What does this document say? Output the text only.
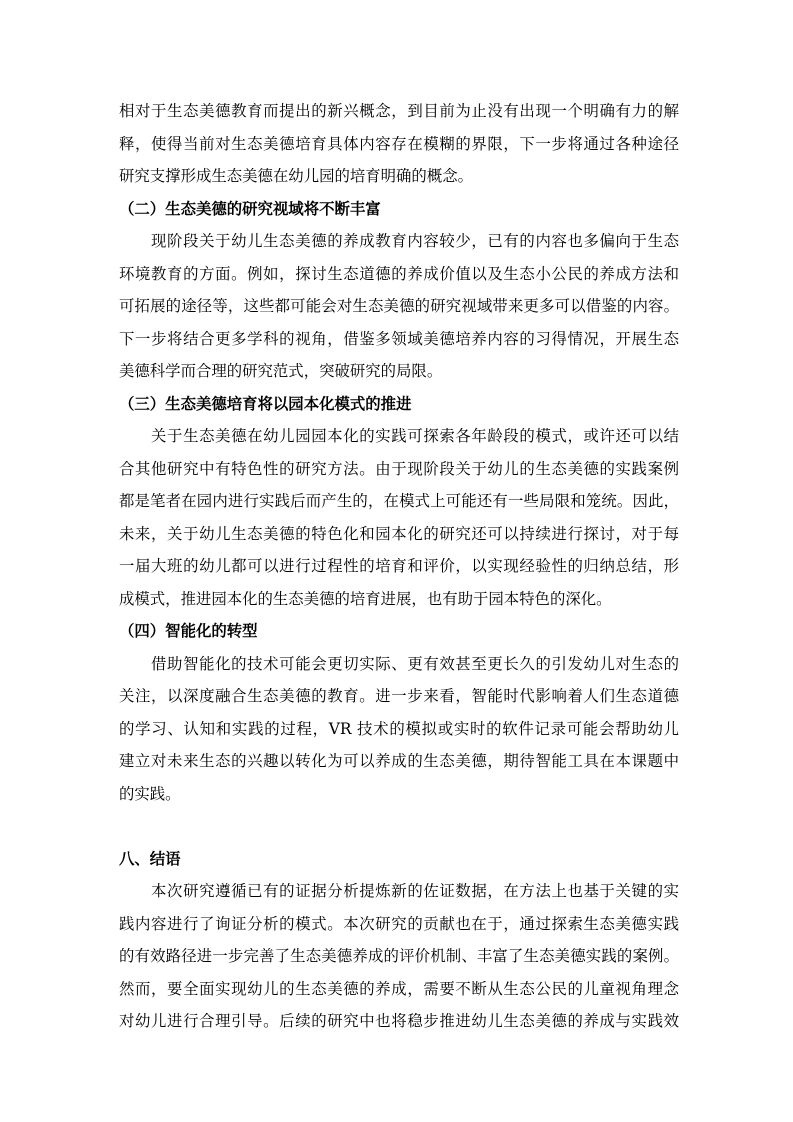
相对于生态美德教育而提出的新兴概念，到目前为止没有出现一个明确有力的解
释，使得当前对生态美德培育具体内容存在模糊的界限，下一步将通过各种途径
研究支撑形成生态美德在幼儿园的培育明确的概念。
（二）生态美德的研究视域将不断丰富
　　现阶段关于幼儿生态美德的养成教育内容较少，已有的内容也多偏向于生态
环境教育的方面。例如，探讨生态道德的养成价值以及生态小公民的养成方法和
可拓展的途径等，这些都可能会对生态美德的研究视域带来更多可以借鉴的内容。
下一步将结合更多学科的视角，借鉴多领域美德培养内容的习得情况，开展生态
美德科学而合理的研究范式，突破研究的局限。
（三）生态美德培育将以园本化模式的推进
　　关于生态美德在幼儿园园本化的实践可探索各年龄段的模式，或许还可以结
合其他研究中有特色性的研究方法。由于现阶段关于幼儿的生态美德的实践案例
都是笔者在园内进行实践后而产生的，在模式上可能还有一些局限和笼统。因此，
未来，关于幼儿生态美德的特色化和园本化的研究还可以持续进行探讨，对于每
一届大班的幼儿都可以进行过程性的培育和评价，以实现经验性的归纳总结，形
成模式，推进园本化的生态美德的培育进展，也有助于园本特色的深化。
（四）智能化的转型
　　借助智能化的技术可能会更切实际、更有效甚至更长久的引发幼儿对生态的
关注，以深度融合生态美德的教育。进一步来看，智能时代影响着人们生态道德
的学习、认知和实践的过程，VR 技术的模拟或实时的软件记录可能会帮助幼儿
建立对未来生态的兴趣以转化为可以养成的生态美德，期待智能工具在本课题中
的实践。
八、结语
　　本次研究遵循已有的证据分析提炼新的佐证数据，在方法上也基于关键的实
践内容进行了询证分析的模式。本次研究的贡献也在于，通过探索生态美德实践
的有效路径进一步完善了生态美德养成的评价机制、丰富了生态美德实践的案例。
然而，要全面实现幼儿的生态美德的养成，需要不断从生态公民的儿童视角理念
对幼儿进行合理引导。后续的研究中也将稳步推进幼儿生态美德的养成与实践效
